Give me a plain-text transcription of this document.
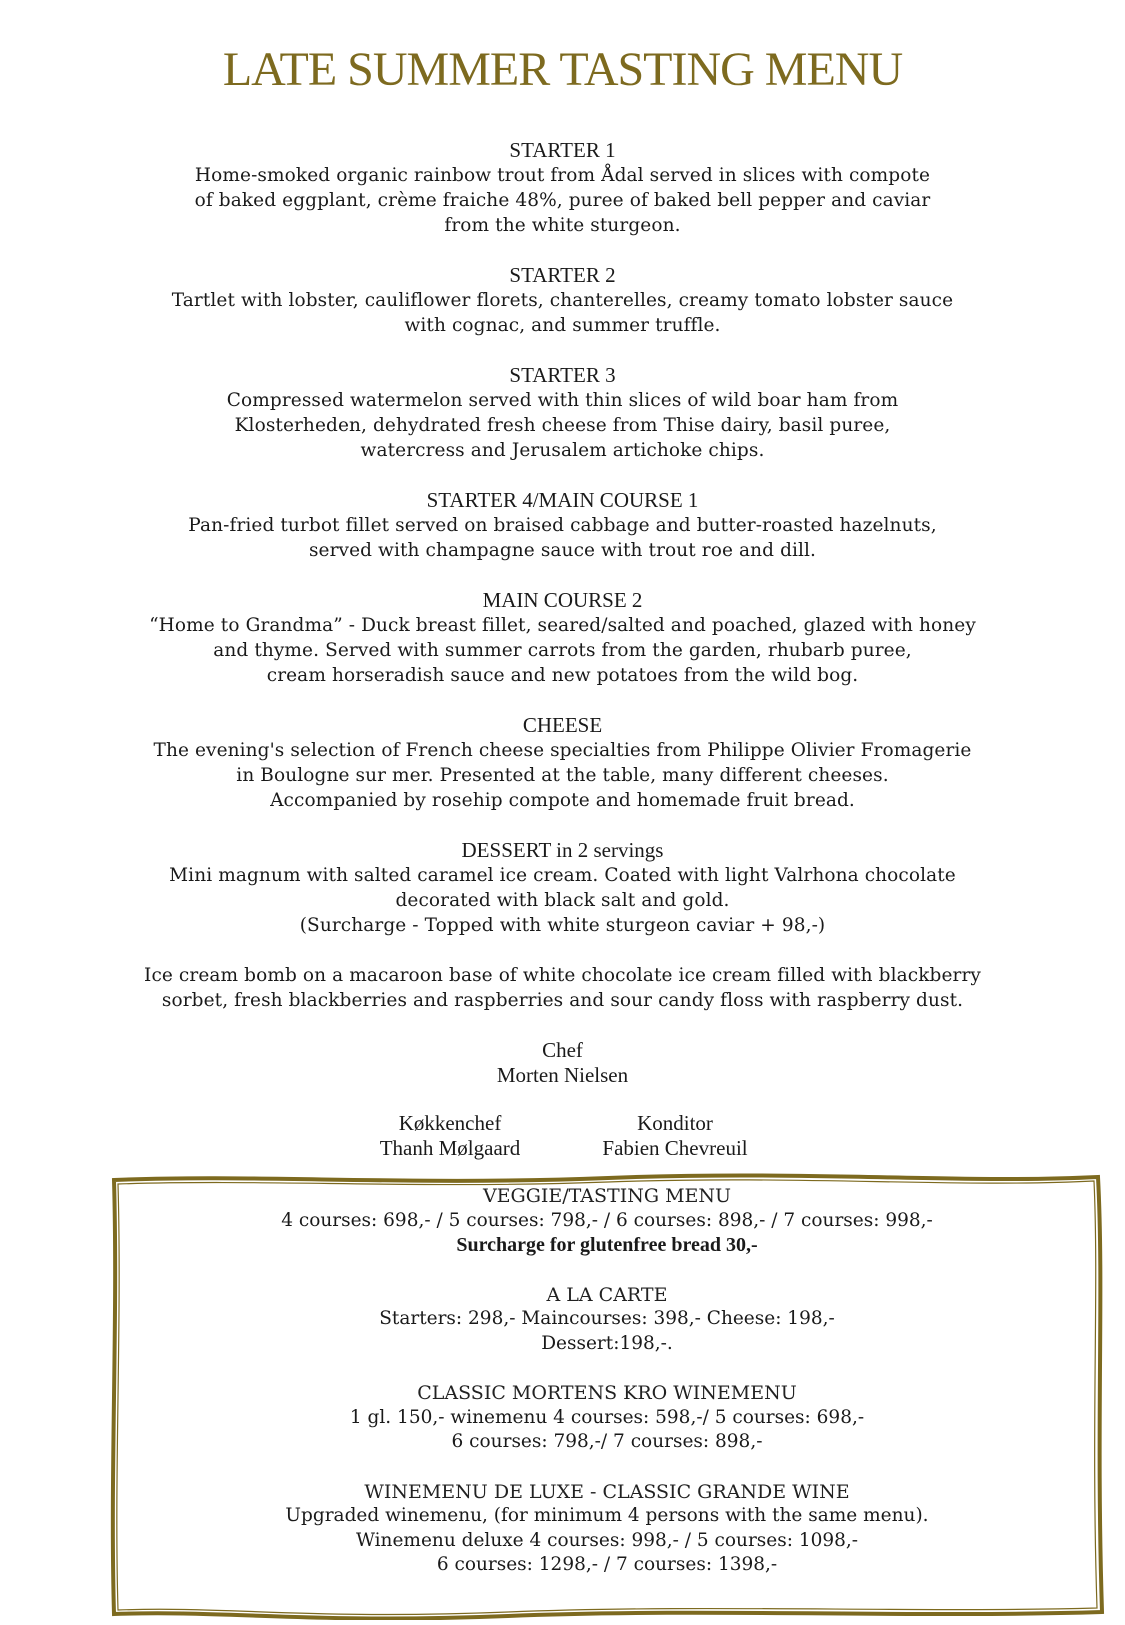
LATE SUMMER TASTING MENU
STARTER 1

Home-smoked organic rainbow trout from Ådal served in slices with compote

of baked eggplant, crème fraiche 48%, puree of baked bell pepper and caviar

from the white sturgeon.

STARTER 2

Tartlet with lobster, cauliflower florets, chanterelles, creamy tomato lobster sauce

with cognac, and summer truffle.

STARTER 3

Compressed watermelon served with thin slices of wild boar ham from

Klosterheden, dehydrated fresh cheese from Thise dairy, basil puree,

watercress and Jerusalem artichoke chips.

STARTER 4/MAIN COURSE 1

Pan-fried turbot fillet served on braised cabbage and butter-roasted hazelnuts,

served with champagne sauce with trout roe and dill.

MAIN COURSE 2

“Home to Grandma” - Duck breast fillet, seared/salted and poached, glazed with honey

and thyme. Served with summer carrots from the garden, rhubarb puree,

cream horseradish sauce and new potatoes from the wild bog.

CHEESE

The evening's selection of French cheese specialties from Philippe Olivier Fromagerie

in Boulogne sur mer. Presented at the table, many different cheeses.

Accompanied by rosehip compote and homemade fruit bread.

DESSERT in 2 servings

Mini magnum with salted caramel ice cream. Coated with light Valrhona chocolate

decorated with black salt and gold.

(Surcharge - Topped with white sturgeon caviar + 98,-)

Ice cream bomb on a macaroon base of white chocolate ice cream filled with blackberry

sorbet, fresh blackberries and raspberries and sour candy floss with raspberry dust.

Chef
Morten Nielsen
Køkkenchef
Thanh Mølgaard
Konditor
Fabien Chevreuil

VEGGIE/TASTING MENU

4 courses: 698,- / 5 courses: 798,- / 6 courses: 898,- / 7 courses: 998,-

Surcharge for glutenfree bread 30,-

A LA CARTE

Starters: 298,- Maincourses: 398,- Cheese: 198,-

Dessert:198,-.

CLASSIC MORTENS KRO WINEMENU

1 gl. 150,- winemenu 4 courses: 598,-/ 5 courses: 698,-

6 courses: 798,-/ 7 courses: 898,-

WINEMENU DE LUXE - CLASSIC GRANDE WINE

Upgraded winemenu, (for minimum 4 persons with the same menu).

Winemenu deluxe 4 courses: 998,- / 5 courses: 1098,-

6 courses: 1298,- / 7 courses: 1398,-
